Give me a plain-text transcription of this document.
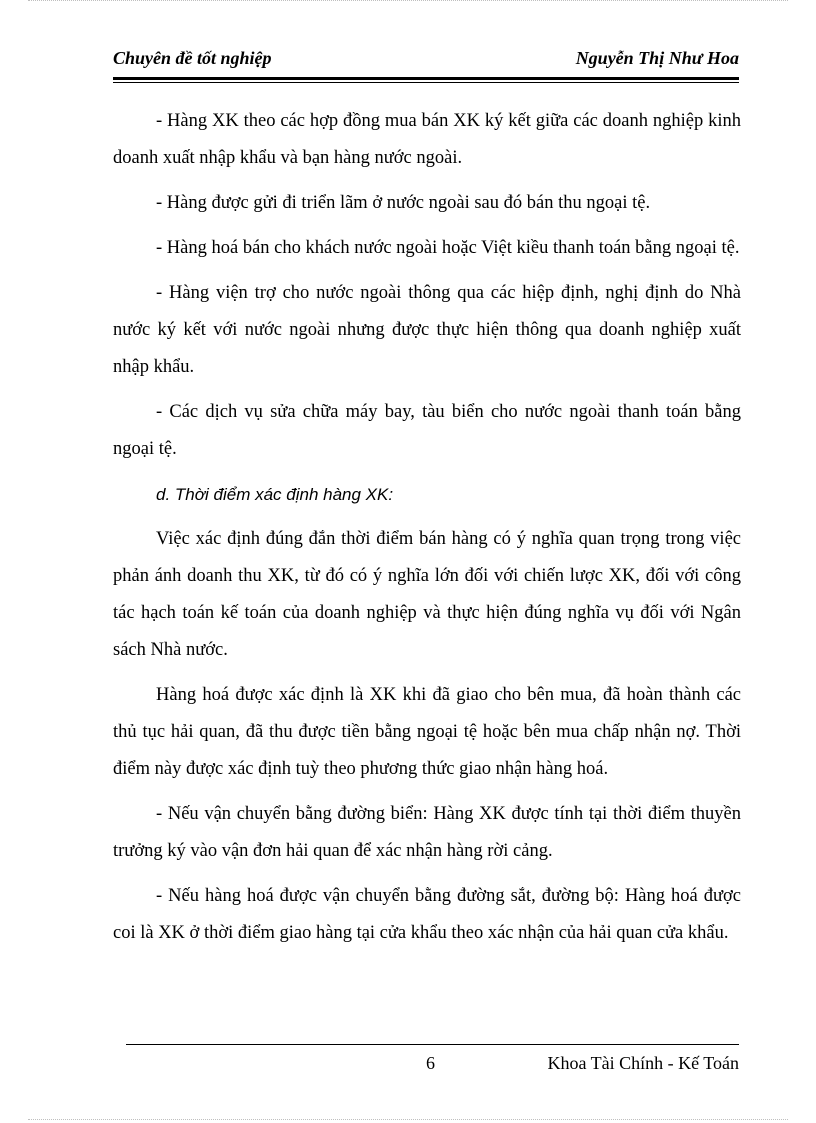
Chuyên đề tốt nghiệp	Nguyễn Thị Như Hoa

- Hàng XK theo các hợp đồng mua bán XK ký kết giữa các doanh nghiệp kinh doanh xuất nhập khẩu và bạn hàng nước ngoài.

- Hàng được gửi đi triển lãm ở nước ngoài sau đó bán thu ngoại tệ.

- Hàng hoá bán cho khách nước ngoài hoặc Việt kiều thanh toán bằng ngoại tệ.

- Hàng viện trợ cho nước ngoài thông qua các hiệp định, nghị định do Nhà nước ký kết với nước ngoài nhưng được thực hiện thông qua doanh nghiệp xuất nhập khẩu.

- Các dịch vụ sửa chữa máy bay, tàu biển cho nước ngoài thanh toán bằng ngoại tệ.

d. Thời điểm xác định hàng XK:

Việc xác định đúng đắn thời điểm bán hàng có ý nghĩa quan trọng trong việc phản ánh doanh thu XK, từ đó có ý nghĩa lớn đối với chiến lược XK, đối với công tác hạch toán kế toán của doanh nghiệp và thực hiện đúng nghĩa vụ đối với Ngân sách Nhà nước.

Hàng hoá được xác định là XK khi đã giao cho bên mua, đã hoàn thành các thủ tục hải quan, đã thu được tiền bằng ngoại tệ hoặc bên mua chấp nhận nợ. Thời điểm này được xác định tuỳ theo phương thức giao nhận hàng hoá.

- Nếu vận chuyển bằng đường biển: Hàng XK được tính tại thời điểm thuyền trưởng ký vào vận đơn hải quan để xác nhận hàng rời cảng.

- Nếu hàng hoá được vận chuyển bằng đường sắt, đường bộ: Hàng hoá được coi là XK ở thời điểm giao hàng tại cửa khẩu theo xác nhận của hải quan cửa khẩu.

6	Khoa Tài Chính - Kế Toán
